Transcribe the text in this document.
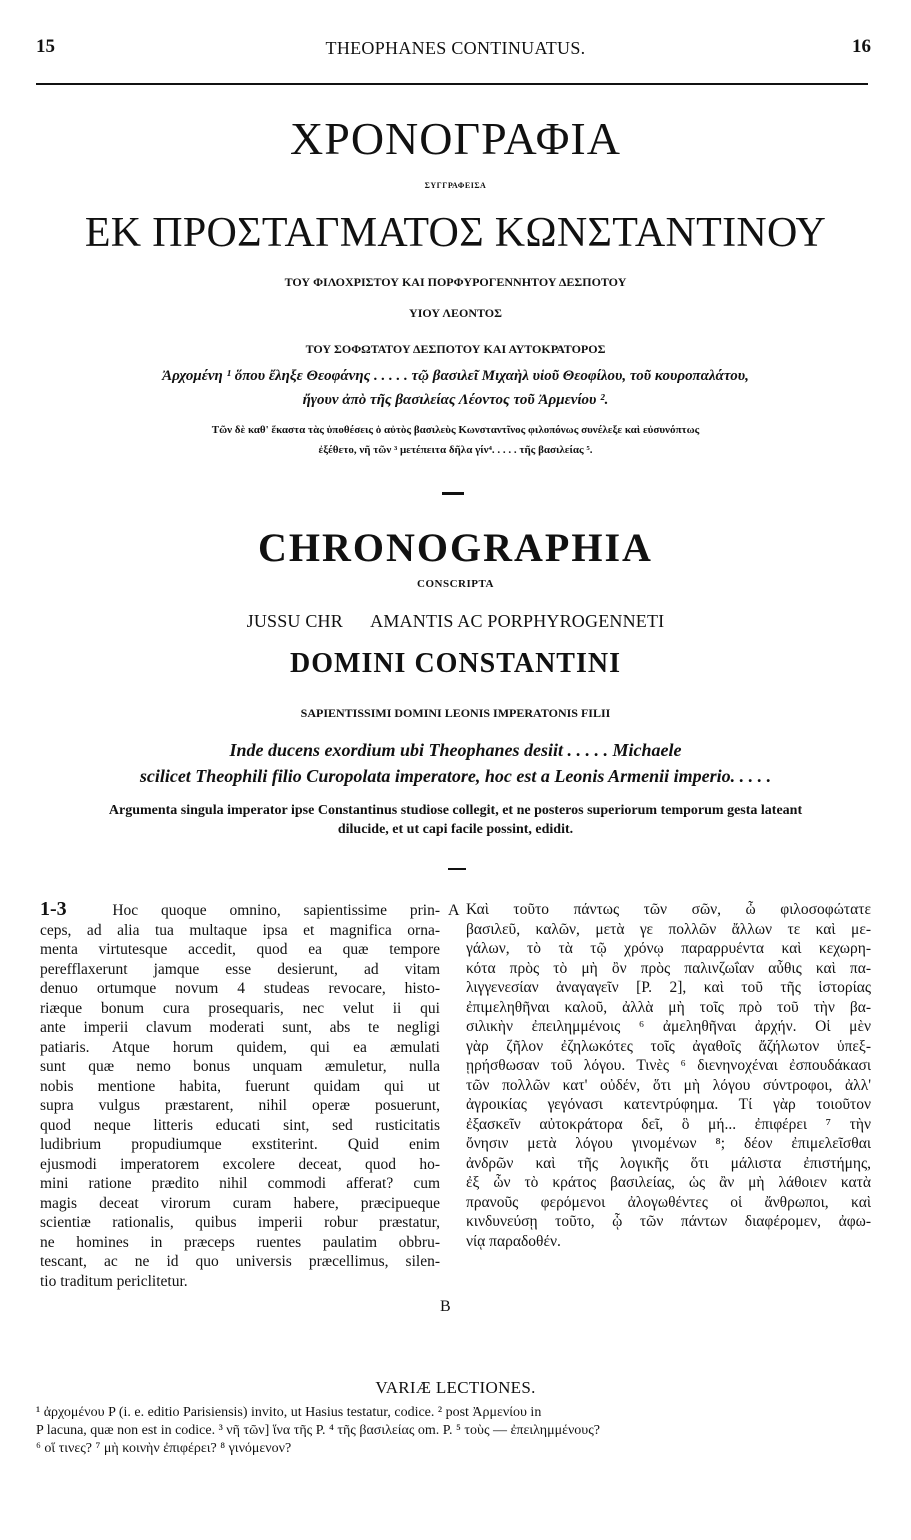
15	THEOPHANES CONTINUATUS.	16
ΧΡΟΝΟΓΡΑΦΙΑ
ΣΥΓΓΡΑΦΕΙΣΑ
ΕΚ ΠΡΟΣΤΑΓΜΑΤΟΣ ΚΩΝΣΤΑΝΤΙΝΟΥ
ΤΟΥ ΦΙΛΟΧΡΙΣΤΟΥ ΚΑΙ ΠΟΡΦΥΡΟΓΕΝΝΗΤΟΥ ΔΕΣΠΟΤΟΥ
ΥΙΟΥ ΛΕΟΝΤΟΣ
ΤΟΥ ΣΟΦΩΤΑΤΟΥ ΔΕΣΠΟΤΟΥ ΚΑΙ ΑΥΤΟΚΡΑΤΟΡΟΣ
Ἀρχομένη ¹ ὅπου ἔληξε Θεοφάνης . . . . . τῷ βασιλεῖ Μιχαὴλ υἱοῦ Θεοφίλου, τοῦ κουροπαλάτου,
ἤγουν ἀπὸ τῆς βασιλείας Λέοντος τοῦ Ἀρμενίου ².
Τῶν δὲ καθ' ἕκαστα τὰς ὑποθέσεις ὁ αὐτὸς βασιλεὺς Κωνσταντῖνος φιλοπόνως συνέλεξε καὶ εὐσυνόπτως
ἐξέθετο, νῆ τῶν ³ μετέπειτα δῆλα γίν⁴. . . . . τῆς βασιλείας ⁵.
CHRONOGRAPHIA
CONSCRIPTA
JUSSU CHR      AMANTIS AC PORPHYROGENNETI
DOMINI CONSTANTINI
SAPIENTISSIMI DOMINI LEONIS IMPERATONIS FILII
Inde ducens exordium ubi Theophanes desiit . . . . . Michaele
scilicet Theophili filio Curopolata imperatore, hoc est a Leonis Armenii imperio. . . . .
Argumenta singula imperator ipse Constantinus studiose collegit, et ne posteros superiorum temporum gesta lateant
dilucide, et ut capi facile possint, edidit.
1-3	Hoc quoque omnino, sapientissime prin-
ceps, ad alia tua multaque ipsa et magnifica orna-
menta virtutesque accedit, quod ea quæ tempore
perefflaxerunt jamque esse desierunt, ad vitam
denuo ortumque novum 4 studeas revocare, histo-
riæque bonum cura prosequaris, nec velut ii qui
ante imperii clavum moderati sunt, abs te negligi
patiaris. Atque horum quidem, qui ea æmulati
sunt quæ nemo bonus unquam æmuletur, nulla
nobis mentione habita, fuerunt quidam qui ut
supra vulgus præstarent, nihil operæ posuerunt,
quod neque litteris educati sint, sed rusticitatis
ludibrium propudiumque exstiterint. Quid enim
ejusmodi imperatorem excolere deceat, quod ho-
mini ratione prædito nihil commodi afferat? cum
magis deceat virorum curam habere, præcipueque
scientiæ rationalis, quibus imperii robur præstatur,
ne homines in præceps ruentes paulatim obbru-
tescant, ac ne id quo universis præcellimus, silen-
tio traditum periclitetur.
A
B
Καὶ τοῦτο πάντως τῶν σῶν, ὦ φιλοσοφώτατε
βασιλεῦ, καλῶν, μετὰ γε πολλῶν ἄλλων τε καὶ με-
γάλων, τὸ τὰ τῷ χρόνῳ παραρρυέντα καὶ κεχωρη-
κότα πρὸς τὸ μὴ ὂν πρὸς παλινζωΐαν αὖθις καὶ πα-
λιγγενεσίαν ἀναγαγεῖν [P. 2], καὶ τοῦ τῆς ἱστορίας
ἐπιμεληθῆναι καλοῦ, ἀλλὰ μὴ τοῖς πρὸ τοῦ τὴν βα-
σιλικὴν ἐπειλημμένοις ⁶ ἀμεληθῆναι ἀρχήν. Οἱ μὲν
γὰρ ζῆλον ἐζηλωκότες τοῖς ἀγαθοῖς ἄζήλωτον ὑπεξ-
ῃρήσθωσαν τοῦ λόγου. Τινὲς ⁶ διενηνοχέναι ἐσπουδάκασι
τῶν πολλῶν κατ' οὐδέν, ὅτι μὴ λόγου σύντροφοι, ἀλλ'
ἀγροικίας γεγόνασι κατεντρύφημα. Τί γὰρ τοιοῦτον
ἐξασκεῖν αὐτοκράτορα δεῖ, ὃ μή... ἐπιφέρει ⁷ τὴν
ὄνησιν μετὰ λόγου γινομένων ⁸; δέον ἐπιμελεῖσθαι
ἀνδρῶν καὶ τῆς λογικῆς ὅτι μάλιστα ἐπιστήμης,
ἐξ ὧν τὸ κράτος βασιλείας, ὡς ἂν μὴ λάθοιεν κατὰ
πρανοῦς φερόμενοι ἀλογωθέντες οἱ ἄνθρωποι, καὶ
κινδυνεύσῃ τοῦτο, ᾧ τῶν πάντων διαφέρομεν, ἀφω-
νίᾳ παραδοθέν.
VARIÆ LECTIONES.
¹ ἀρχομένου P (i. e. editio Parisiensis) invito, ut Hasius testatur, codice. ² post Ἀρμενίου in
P lacuna, quæ non est in codice. ³ νῆ τῶν] ἵνα τῆς P. ⁴ τῆς βασιλείας om. P. ⁵ τοὺς — ἐπειλημμένους?
⁶ οἵ τινες? ⁷ μὴ κοινὴν ἐπιφέρει? ⁸ γινόμενον?
